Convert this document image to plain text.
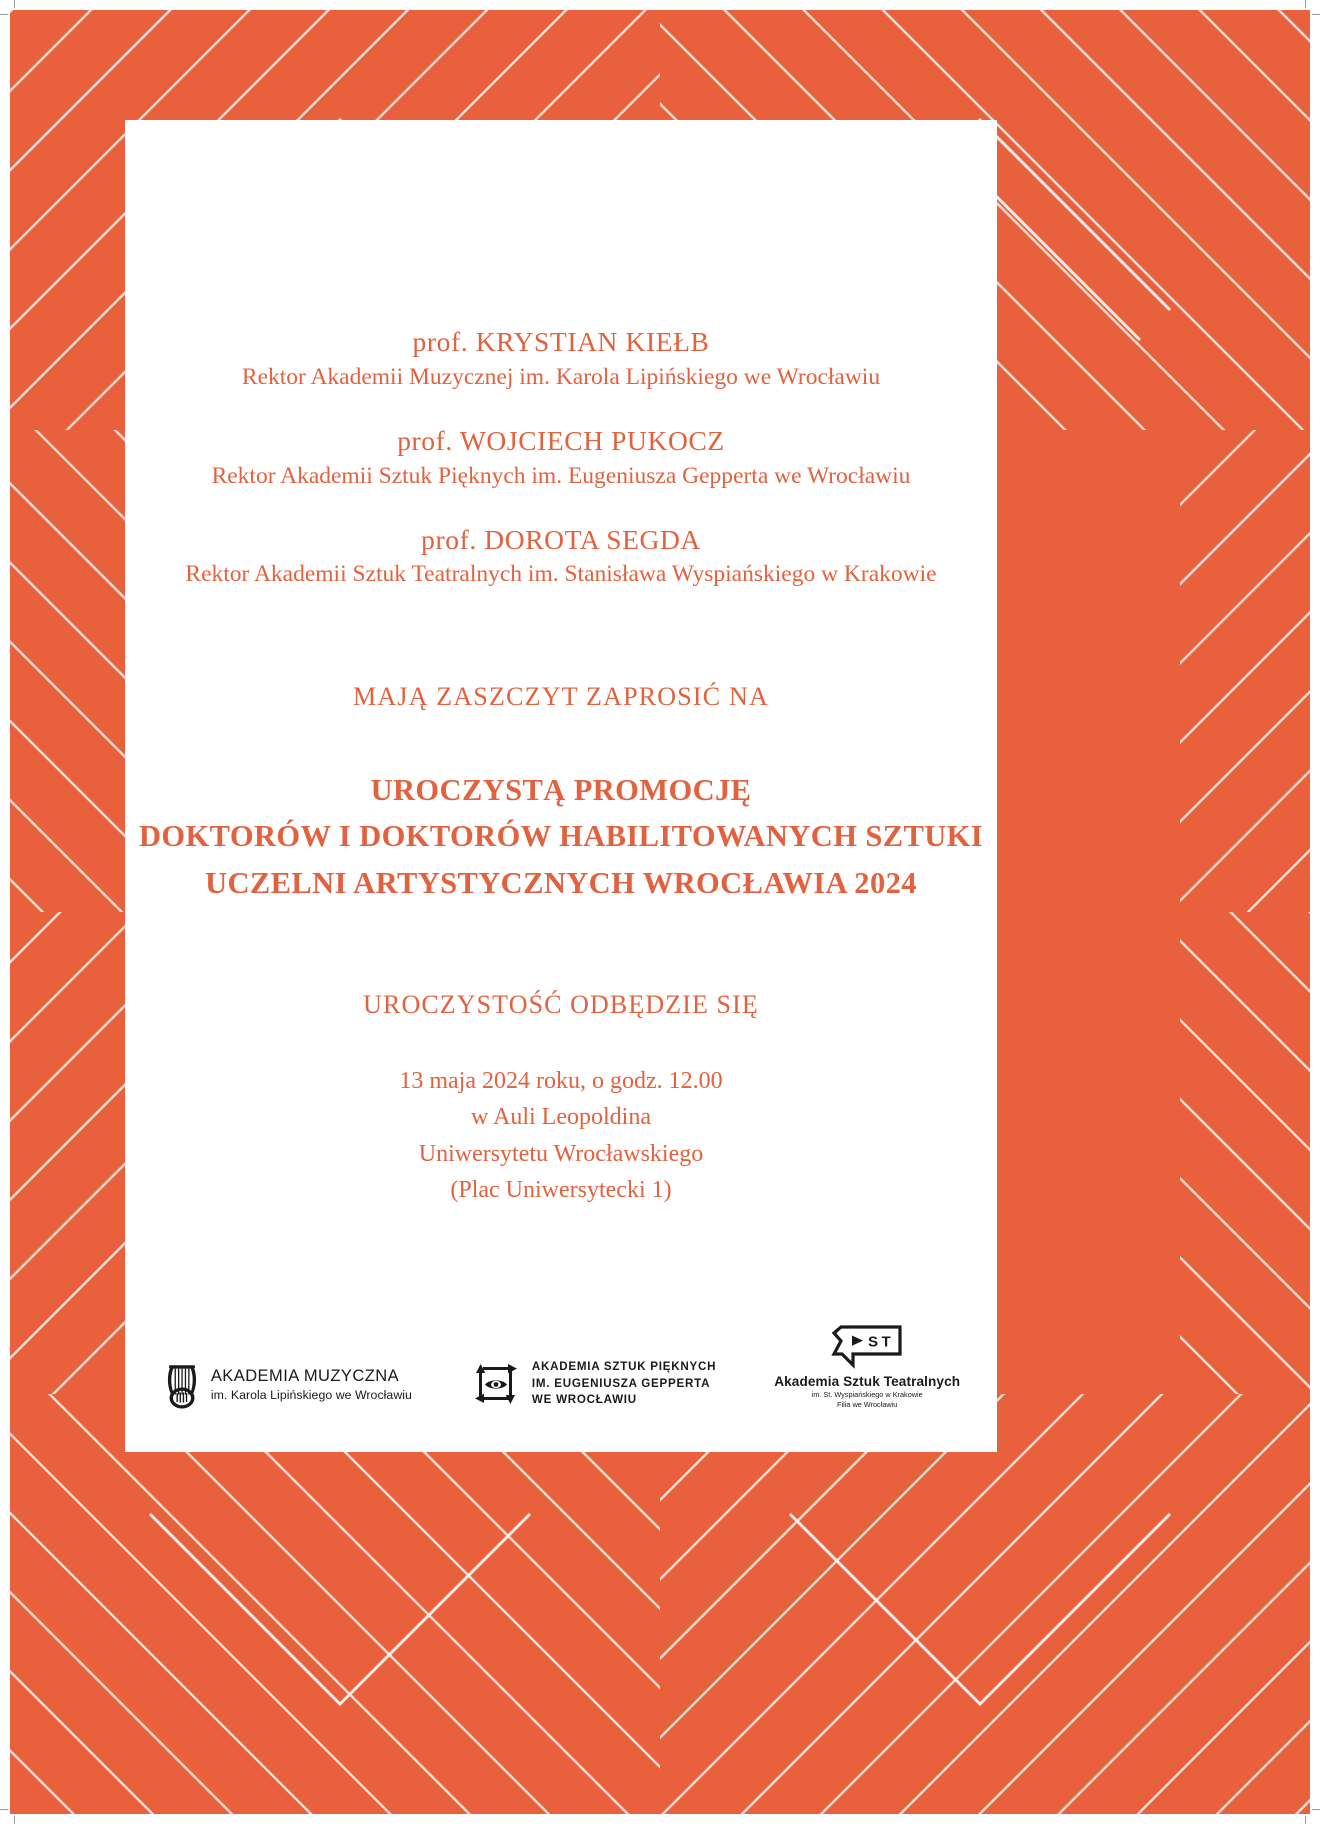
prof. KRYSTIAN KIEŁB
Rektor Akademii Muzycznej im. Karola Lipińskiego we Wrocławiu
prof. WOJCIECH PUKOCZ
Rektor Akademii Sztuk Pięknych im. Eugeniusza Gepperta we Wrocławiu
prof. DOROTA SEGDA
Rektor Akademii Sztuk Teatralnych im. Stanisława Wyspiańskiego w Krakowie
MAJĄ ZASZCZYT ZAPROSIĆ NA
UROCZYSTĄ PROMOCJĘ
DOKTORÓW I DOKTORÓW HABILITOWANYCH SZTUKI
UCZELNI ARTYSTYCZNYCH WROCŁAWIA 2024
UROCZYSTOŚĆ ODBĘDZIE SIĘ
13 maja 2024 roku, o godz. 12.00
w Auli Leopoldina
Uniwersytetu Wrocławskiego
(Plac Uniwersytecki 1)
AKADEMIA MUZYCZNA
im. Karola Lipińskiego we Wrocławiu
AKADEMIA SZTUK PIĘKNYCH
IM. EUGENIUSZA GEPPERTA
WE WROCŁAWIU
ST
Akademia Sztuk Teatralnych
im. St. Wyspiańskiego w Krakowie
Filia we Wrocławiu
